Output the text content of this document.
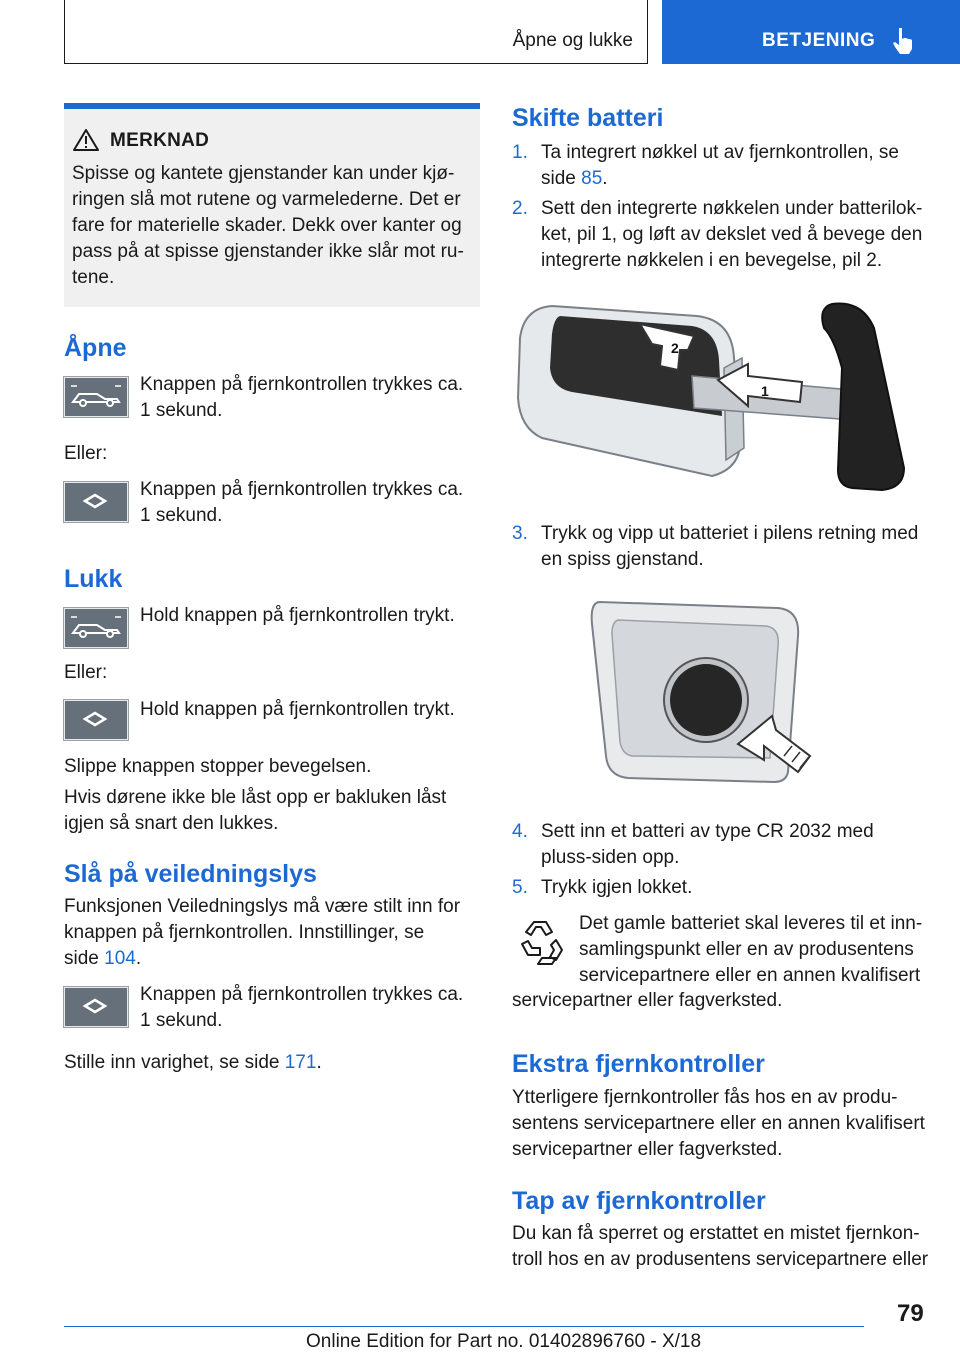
Åpne og lukke	BETJENING
MERKNAD
Spisse og kantete gjenstander kan under kjø-
ringen slå mot rutene og varmelederne. Det er
fare for materielle skader. Dekk over kanter og
pass på at spisse gjenstander ikke slår mot ru-
tene.
Åpne
Knappen på fjernkontrollen trykkes ca.
1 sekund.
Eller:
Knappen på fjernkontrollen trykkes ca.
1 sekund.
Lukk
Hold knappen på fjernkontrollen trykt.
Eller:
Hold knappen på fjernkontrollen trykt.
Slippe knappen stopper bevegelsen.
Hvis dørene ikke ble låst opp er bakluken låst
igjen så snart den lukkes.
Slå på veiledningslys
Funksjonen Veiledningslys må være stilt inn for
knappen på fjernkontrollen. Innstillinger, se
side 104.
Knappen på fjernkontrollen trykkes ca.
1 sekund.
Stille inn varighet, se side 171.
Skifte batteri
1. Ta integrert nøkkel ut av fjernkontrollen, se
side 85.
2. Sett den integrerte nøkkelen under batterilok-
ket, pil 1, og løft av dekslet ved å bevege den
integrerte nøkkelen i en bevegelse, pil 2.
2
1
3. Trykk og vipp ut batteriet i pilens retning med
en spiss gjenstand.
4. Sett inn et batteri av type CR 2032 med
pluss-siden opp.
5. Trykk igjen lokket.
Det gamle batteriet skal leveres til et inn-
samlingspunkt eller en av produsentens
servicepartnere eller en annen kvalifisert
servicepartner eller fagverksted.
Ekstra fjernkontroller
Ytterligere fjernkontroller fås hos en av produ-
sentens servicepartnere eller en annen kvalifisert
servicepartner eller fagverksted.
Tap av fjernkontroller
Du kan få sperret og erstattet en mistet fjernkon-
troll hos en av produsentens servicepartnere eller
79
Online Edition for Part no. 01402896760 - X/18
